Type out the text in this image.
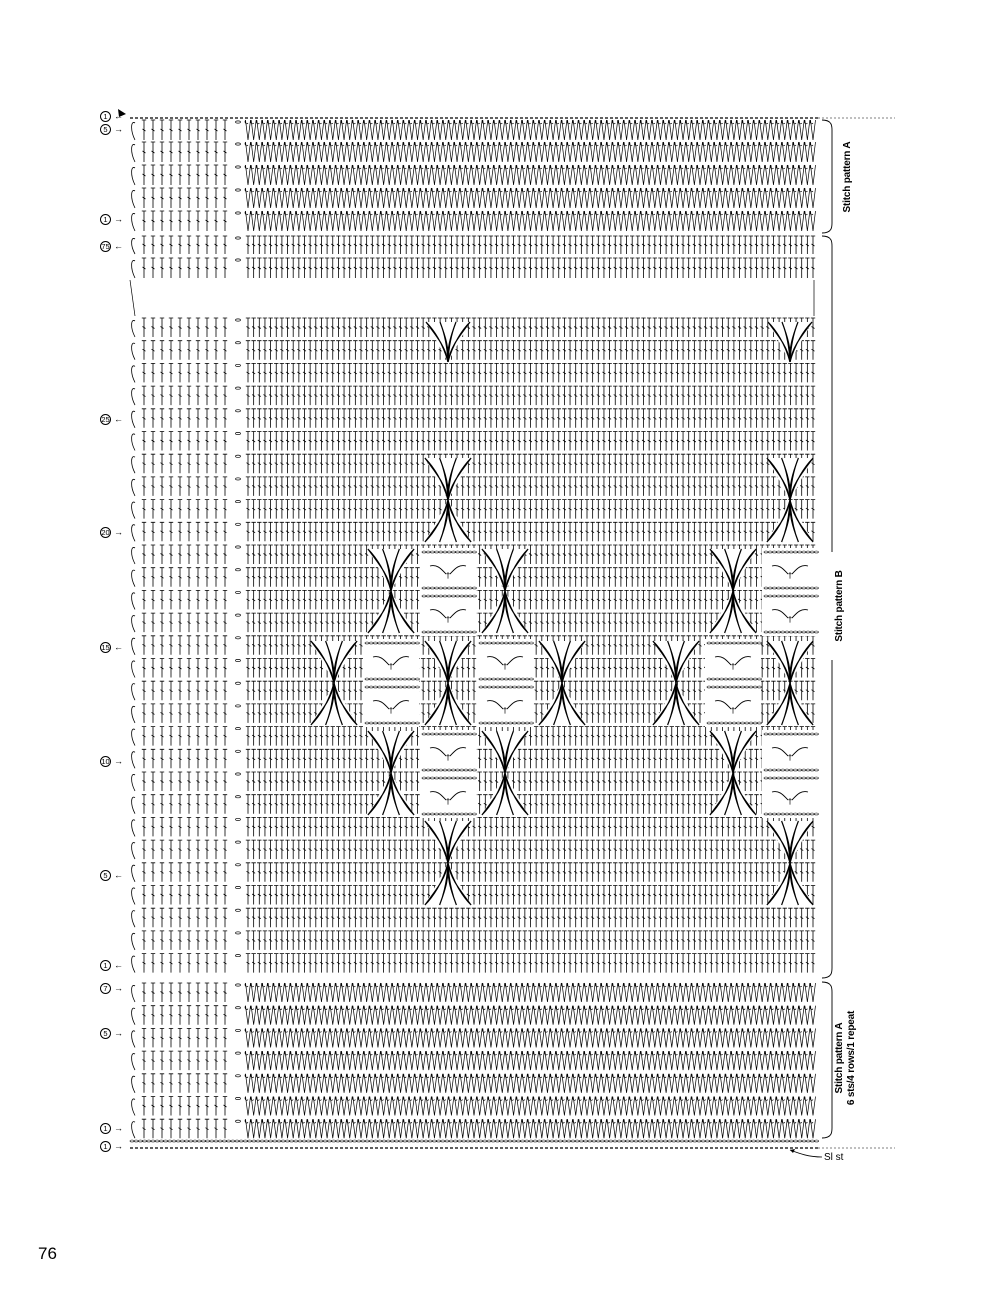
†	†
†	†
†	†	†
†	†	†
†	†
†	†
1 ←
5 →
1 →
75 ←
25 ←
20 →
15 ←
10 →
5 ←
1 ←
7 →
5 →
1 →
1 →
Stitch pattern A
Stitch pattern B
Stitch pattern A 6 sts/4 rows/1 repeat
Sl st
76
